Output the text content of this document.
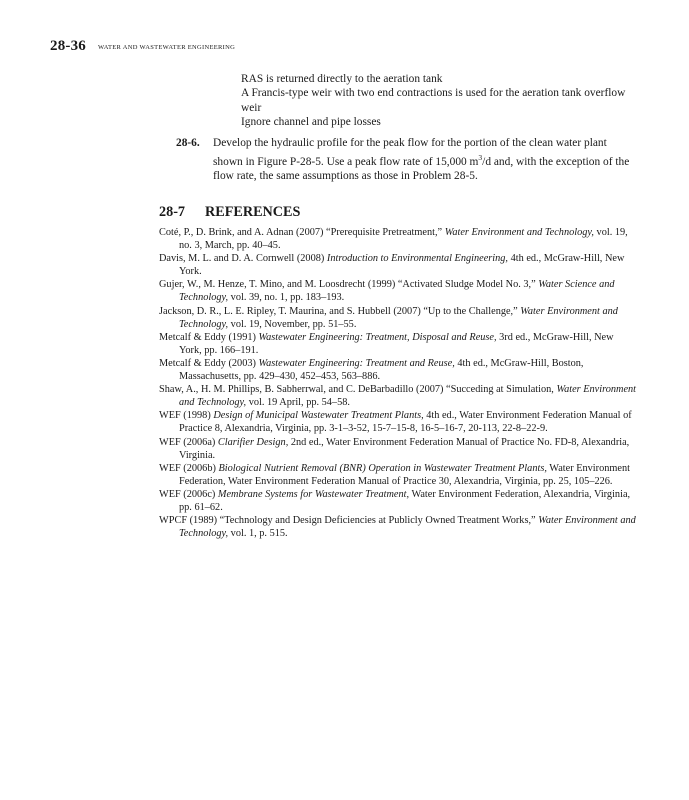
28-36 WATER AND WASTEWATER ENGINEERING
RAS is returned directly to the aeration tank
A Francis-type weir with two end contractions is used for the aeration tank overflow weir
Ignore channel and pipe losses
28-6. Develop the hydraulic profile for the peak flow for the portion of the clean water plant shown in Figure P-28-5. Use a peak flow rate of 15,000 $m^3/d$ and, with the exception of the flow rate, the same assumptions as those in Problem 28-5.
28-7 REFERENCES

Coté, P., D. Brink, and A. Adnan (2007) “Prerequisite Pretreatment,” Water Environment and Technology, vol. 19, no. 3, March, pp. 40–45.

Davis, M. L. and D. A. Cornwell (2008) Introduction to Environmental Engineering, 4th ed., McGraw-Hill, New York.

Gujer, W., M. Henze, T. Mino, and M. Loosdrecht (1999) “Activated Sludge Model No. 3,” Water Science and Technology, vol. 39, no. 1, pp. 183–193.

Jackson, D. R., L. E. Ripley, T. Maurina, and S. Hubbell (2007) “Up to the Challenge,” Water Environment and Technology, vol. 19, November, pp. 51–55.

Metcalf & Eddy (1991) Wastewater Engineering: Treatment, Disposal and Reuse, 3rd ed., McGraw-Hill, New York, pp. 166–191.

Metcalf & Eddy (2003) Wastewater Engineering: Treatment and Reuse, 4th ed., McGraw-Hill, Boston, Massachusetts, pp. 429–430, 452–453, 563–886.

Shaw, A., H. M. Phillips, B. Sabherrwal, and C. DeBarbadillo (2007) “Succeding at Simulation, Water Environment and Technology, vol. 19 April, pp. 54–58.

WEF (1998) Design of Municipal Wastewater Treatment Plants, 4th ed., Water Environment Federation Manual of Practice 8, Alexandria, Virginia, pp. 3-1–3-52, 15-7–15-8, 16-5–16-7, 20-113, 22-8–22-9.

WEF (2006a) Clarifier Design, 2nd ed., Water Environment Federation Manual of Practice No. FD-8, Alexandria, Virginia.

WEF (2006b) Biological Nutrient Removal (BNR) Operation in Wastewater Treatment Plants, Water Environment Federation, Water Environment Federation Manual of Practice 30, Alexandria, Virginia, pp. 25, 105–226.

WEF (2006c) Membrane Systems for Wastewater Treatment, Water Environment Federation, Alexandria, Virginia, pp. 61–62.

WPCF (1989) “Technology and Design Deficiencies at Publicly Owned Treatment Works,” Water Environment and Technology, vol. 1, p. 515.
